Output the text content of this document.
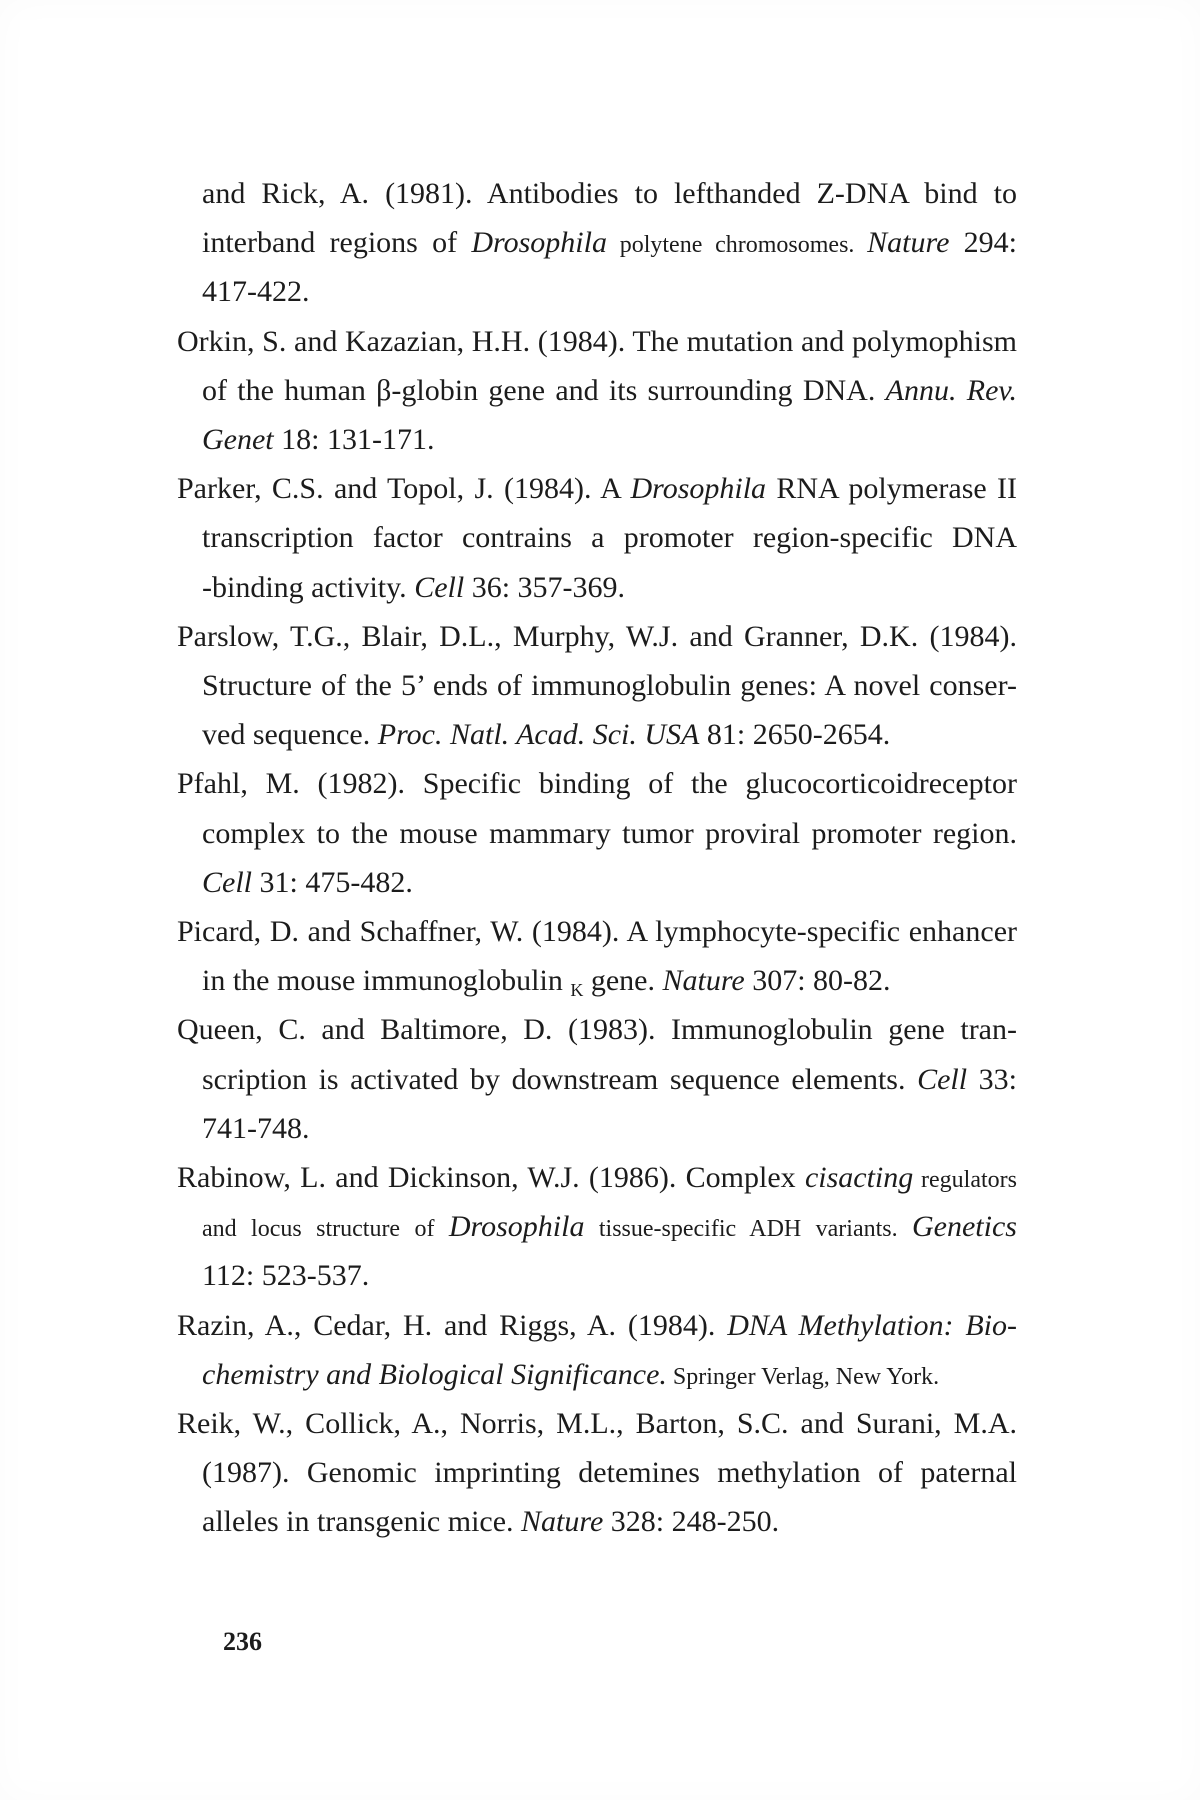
and Rick, A. (1981). Antibodies to lefthanded Z-DNA bind to
interband regions of Drosophila polytene chromosomes. Nature 294:
417-422.
Orkin, S. and Kazazian, H.H. (1984). The mutation and polymophism
of the human β-globin gene and its surrounding DNA. Annu. Rev.
Genet 18: 131-171.
Parker, C.S. and Topol, J. (1984). A Drosophila RNA polymerase II
transcription factor contrains a promoter region-specific DNA
-binding activity. Cell 36: 357-369.
Parslow, T.G., Blair, D.L., Murphy, W.J. and Granner, D.K. (1984).
Structure of the 5’ ends of immunoglobulin genes: A novel conser-
ved sequence. Proc. Natl. Acad. Sci. USA 81: 2650-2654.
Pfahl, M. (1982). Specific binding of the glucocorticoidreceptor
complex to the mouse mammary tumor proviral promoter region.
Cell 31: 475-482.
Picard, D. and Schaffner, W. (1984). A lymphocyte-specific enhancer
in the mouse immunoglobulin $_K$ gene. Nature 307: 80-82.
Queen, C. and Baltimore, D. (1983). Immunoglobulin gene tran-
scription is activated by downstream sequence elements. Cell 33:
741-748.
Rabinow, L. and Dickinson, W.J. (1986). Complex cisacting regulators
and locus structure of Drosophila tissue-specific ADH variants. Genetics
112: 523-537.
Razin, A., Cedar, H. and Riggs, A. (1984). DNA Methylation: Bio-
chemistry and Biological Significance. Springer Verlag, New York.
Reik, W., Collick, A., Norris, M.L., Barton, S.C. and Surani, M.A.
(1987). Genomic imprinting detemines methylation of paternal
alleles in transgenic mice. Nature 328: 248-250.
236
